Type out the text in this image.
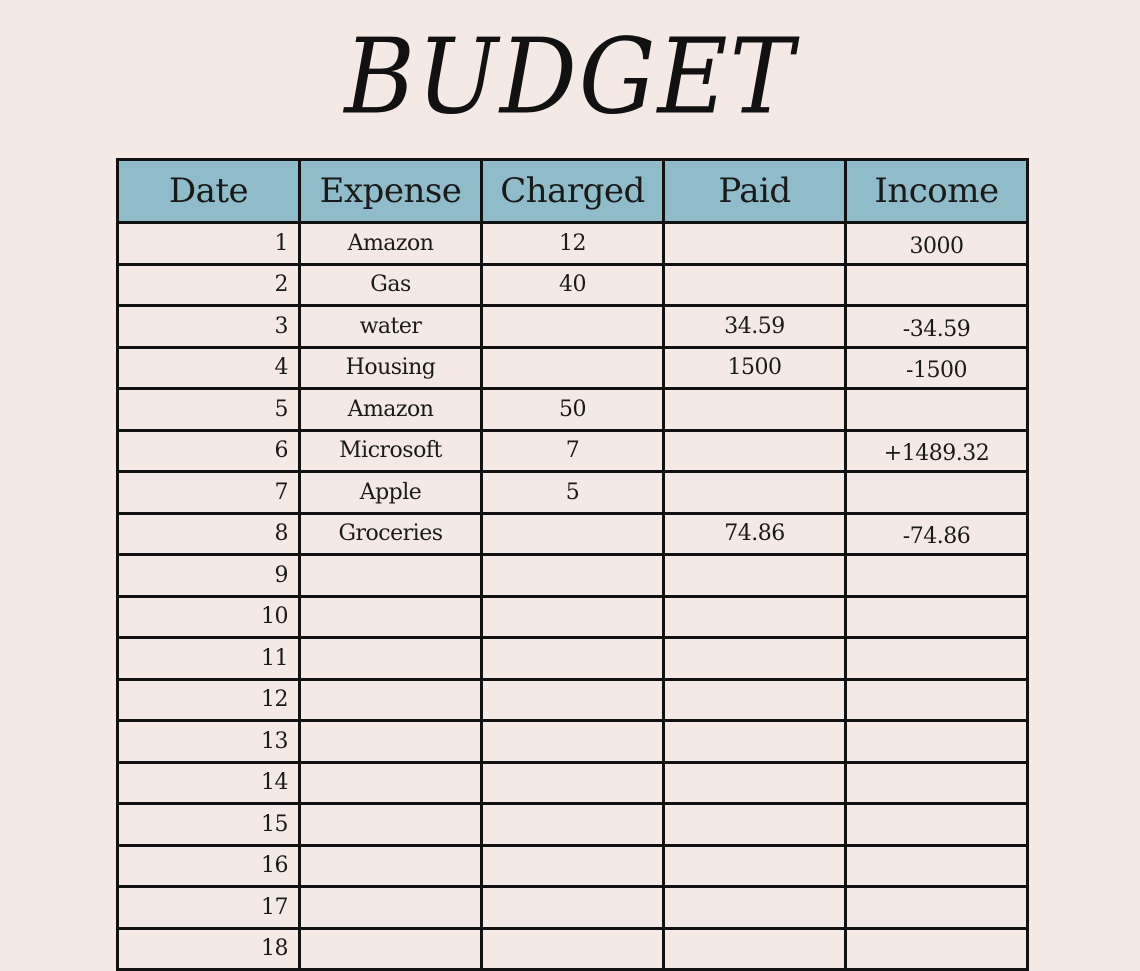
BUDGET
Date	Expense	Charged	Paid	Income
1	Amazon	12		3000
2	Gas	40		
3	water		34.59	-34.59
4	Housing		1500	-1500
5	Amazon	50		
6	Microsoft	7		+1489.32
7	Apple	5		
8	Groceries		74.86	-74.86
9				
10				
11				
12				
13				
14				
15				
16				
17				
18				
